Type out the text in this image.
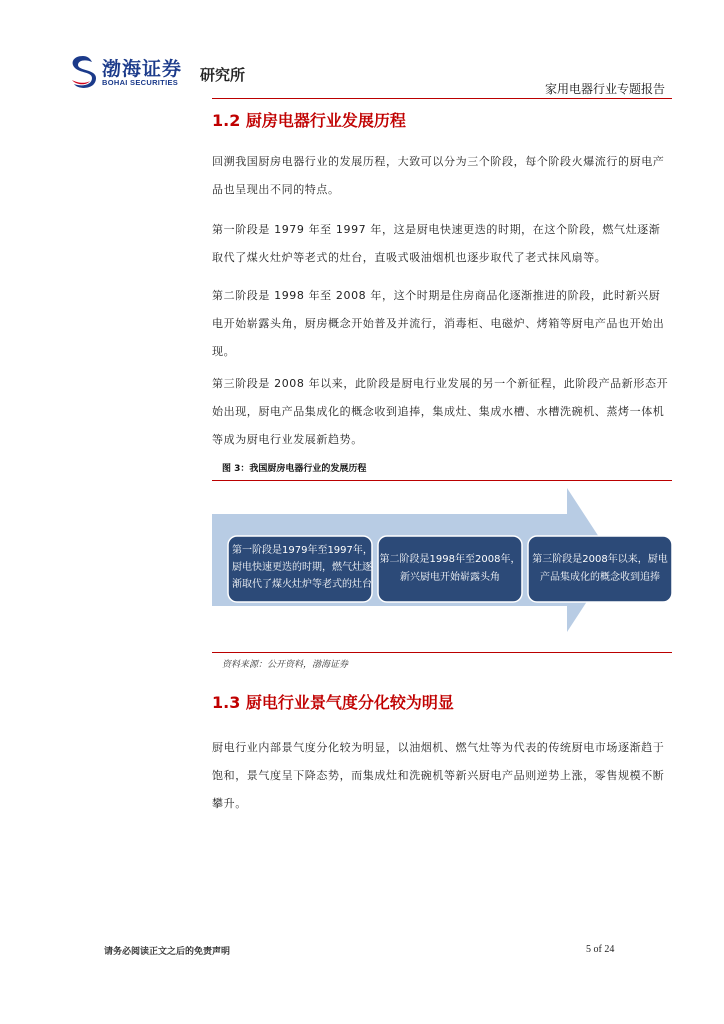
渤海证券
BOHAI SECURITIES 研究所
家用电器行业专题报告
1.2 厨房电器行业发展历程
回溯我国厨房电器行业的发展历程，大致可以分为三个阶段，每个阶段火爆流行的厨电产品也呈现出不同的特点。
第一阶段是 1979 年至 1997 年，这是厨电快速更迭的时期，在这个阶段，燃气灶逐渐取代了煤火灶炉等老式的灶台，直吸式吸油烟机也逐步取代了老式抹风扇等。
第二阶段是 1998 年至 2008 年，这个时期是住房商品化逐渐推进的阶段，此时新兴厨电开始崭露头角，厨房概念开始普及并流行，消毒柜、电磁炉、烤箱等厨电产品也开始出现。
第三阶段是 2008 年以来，此阶段是厨电行业发展的另一个新征程，此阶段产品新形态开始出现，厨电产品集成化的概念收到追捧，集成灶、集成水槽、水槽洗碗机、蒸烤一体机等成为厨电行业发展新趋势。
图 3：我国厨房电器行业的发展历程
第一阶段是1979年至1997年，
厨电快速更迭的时期，燃气灶逐
渐取代了煤火灶炉等老式的灶台
第二阶段是1998年至2008年，
新兴厨电开始崭露头角
第三阶段是2008年以来，厨电
产品集成化的概念收到追捧
资料来源：公开资料，渤海证券
1.3 厨电行业景气度分化较为明显
厨电行业内部景气度分化较为明显，以油烟机、燃气灶等为代表的传统厨电市场逐渐趋于饱和，景气度呈下降态势，而集成灶和洗碗机等新兴厨电产品则逆势上涨，零售规模不断攀升。
请务必阅读正文之后的免责声明	5 of 24
